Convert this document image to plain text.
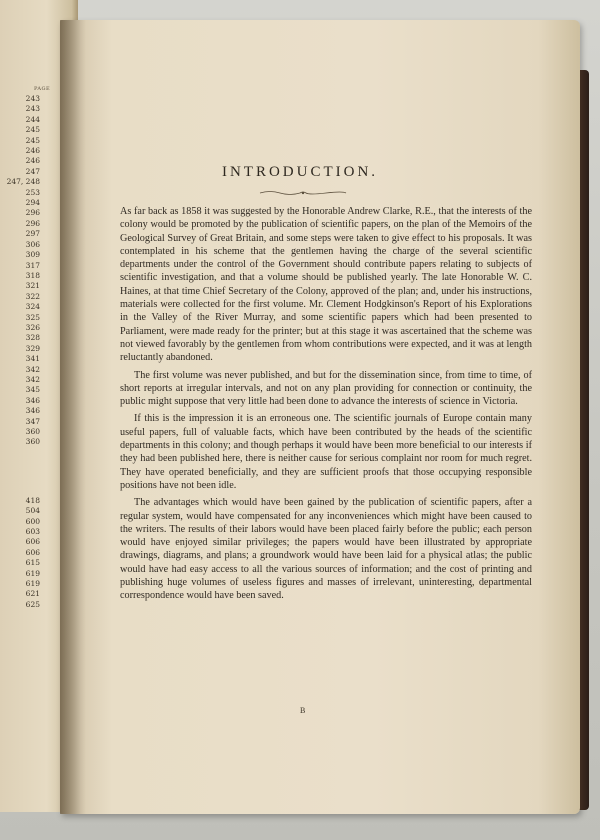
PAGE
243
243
244
245
245
246
246
247
247, 248
253
294
296
296
297
306
309
317
318
321
322
324
325
326
328
329
341
342
342
345
346
346
347
360
360
418
504
600
603
606
606
615
619
619
621
625
INTRODUCTION.

As far back as 1858 it was suggested by the Honorable Andrew Clarke, R.E., that the interests of the colony would be promoted by the publication of scientific papers, on the plan of the Memoirs of the Geological Survey of Great Britain, and some steps were taken to give effect to his proposals. It was contemplated in his scheme that the gentlemen having the charge of the several scientific departments under the control of the Government should contribute papers relating to subjects of scientific investigation, and that a volume should be published yearly. The late Honorable W. C. Haines, at that time Chief Secretary of the Colony, approved of the plan; and, under his instructions, materials were collected for the first volume. Mr. Clement Hodgkinson's Report of his Explorations in the Valley of the River Murray, and some scientific papers which had been presented to Parliament, were made ready for the printer; but at this stage it was ascertained that the scheme was not viewed favorably by the gentlemen from whom contributions were expected, and it was at length reluctantly abandoned.

The first volume was never published, and but for the dissemination since, from time to time, of short reports at irregular intervals, and not on any plan providing for connection or continuity, the public might suppose that very little had been done to advance the interests of science in Victoria.

If this is the impression it is an erroneous one. The scientific journals of Europe contain many useful papers, full of valuable facts, which have been contributed by the heads of the scientific departments in this colony; and though perhaps it would have been more beneficial to our interests if they had been published here, there is neither cause for serious complaint nor room for much regret. They have operated beneficially, and they are sufficient proofs that those occupying responsible positions have not been idle.

The advantages which would have been gained by the publication of scientific papers, after a regular system, would have compensated for any inconveniences which might have been caused to the writers. The results of their labors would have been placed fairly before the public; each person would have enjoyed similar privileges; the papers would have been illustrated by appropriate drawings, diagrams, and plans; a groundwork would have been laid for a physical atlas; the public would have had easy access to all the various sources of information; and the cost of printing and publishing huge volumes of useless figures and masses of irrelevant, uninteresting, departmental correspondence would have been saved.

B
